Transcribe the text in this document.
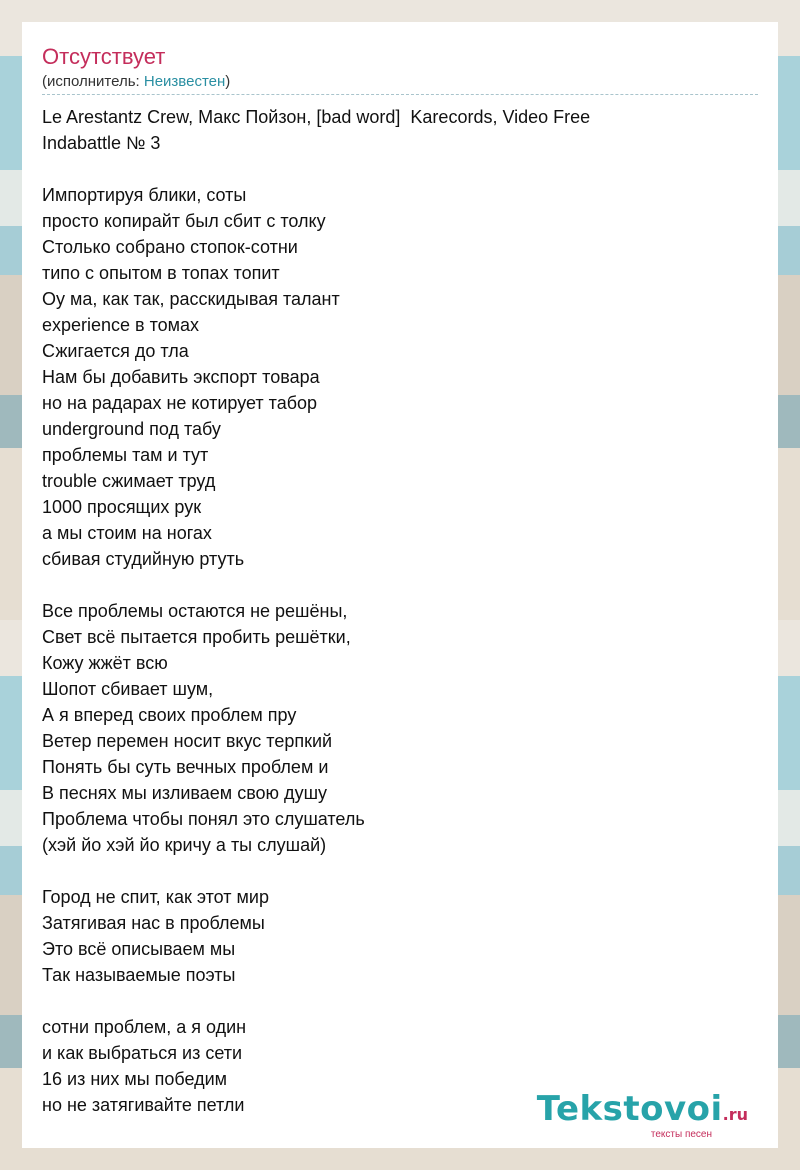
Отсутствует
(исполнитель: Неизвестен)
Le Arestantz Crew, Макс Пойзон, [bad word]  Karecords, Video Free
Indabattle № 3
Импортируя блики, соты
просто копирайт был сбит с толку
Столько собрано стопок-сотни
типо с опытом в топах топит
Оу ма, как так, расскидывая талант
experience в томах
Сжигается до тла
Нам бы добавить экспорт товара
но на радарах не котирует табор
underground под табу
проблемы там и тут
trouble сжимает труд
1000 просящих рук
а мы стоим на ногах
сбивая студийную ртуть
Все проблемы остаются не решёны,
Свет всё пытается пробить решётки,
Кожу жжёт всю
Шопот сбивает шум,
А я вперед своих проблем пру
Ветер перемен носит вкус терпкий
Понять бы суть вечных проблем и
В песнях мы изливаем свою душу
Проблема чтобы понял это слушатель
(хэй йо хэй йо кричу а ты слушай)
Город не спит, как этот мир
Затягивая нас в проблемы
Это всё описываем мы
Так называемые поэты
сотни проблем, а я один
и как выбраться из сети
16 из них мы победим
но не затягивайте петли	Tekstovoi.ru
тексты песен
